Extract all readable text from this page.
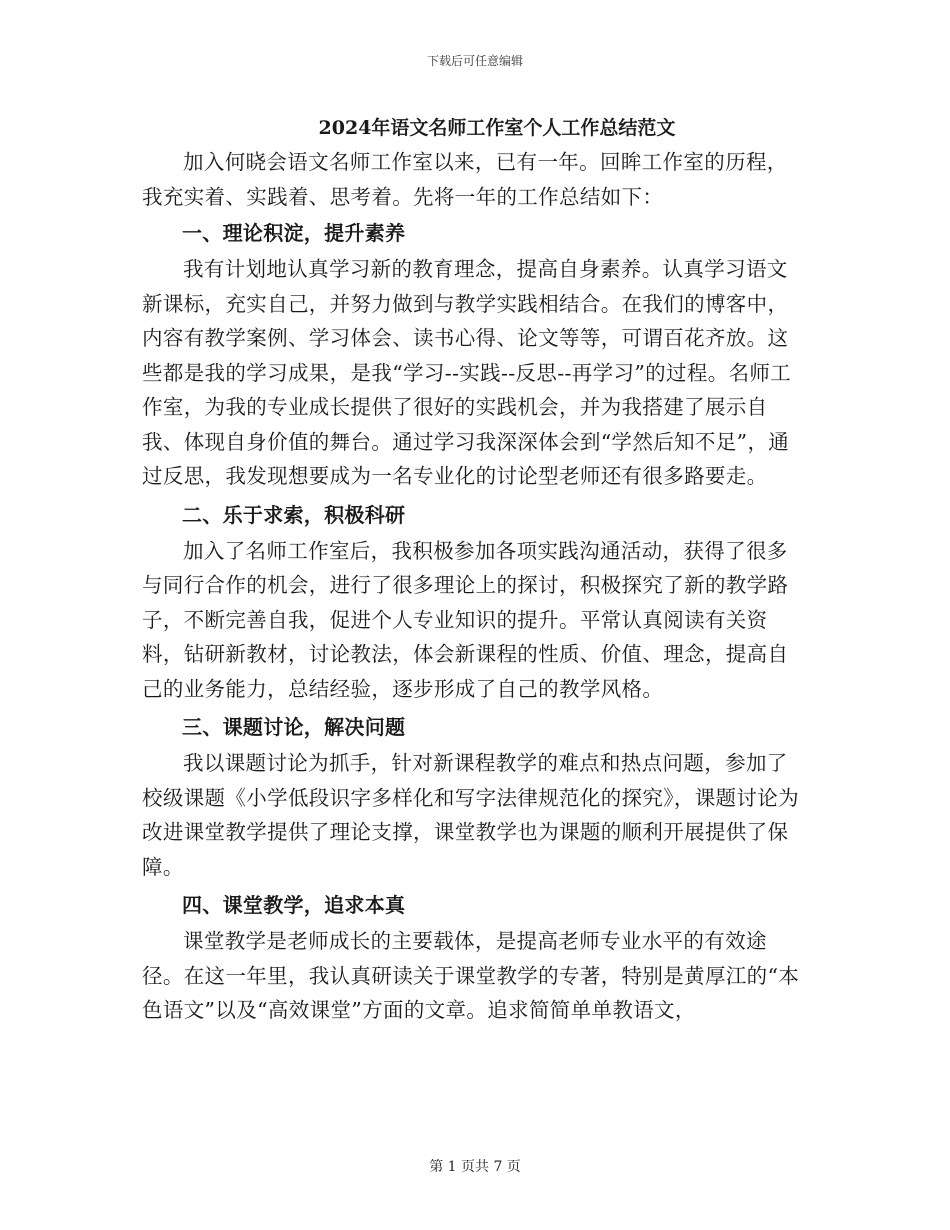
下载后可任意编辑
2024年语文名师工作室个人工作总结范文

加入何晓会语文名师工作室以来，已有一年。回眸工作室的历程，我充实着、实践着、思考着。先将一年的工作总结如下：

一、理论积淀，提升素养

我有计划地认真学习新的教育理念，提高自身素养。认真学习语文新课标，充实自己，并努力做到与教学实践相结合。在我们的博客中，内容有教学案例、学习体会、读书心得、论文等等，可谓百花齐放。这些都是我的学习成果，是我“学习--实践--反思--再学习”的过程。名师工作室，为我的专业成长提供了很好的实践机会，并为我搭建了展示自我、体现自身价值的舞台。通过学习我深深体会到“学然后知不足”，通过反思，我发现想要成为一名专业化的讨论型老师还有很多路要走。

二、乐于求索，积极科研

加入了名师工作室后，我积极参加各项实践沟通活动，获得了很多与同行合作的机会，进行了很多理论上的探讨，积极探究了新的教学路子，不断完善自我，促进个人专业知识的提升。平常认真阅读有关资料，钻研新教材，讨论教法，体会新课程的性质、价值、理念，提高自己的业务能力，总结经验，逐步形成了自己的教学风格。

三、课题讨论，解决问题

我以课题讨论为抓手，针对新课程教学的难点和热点问题，参加了校级课题《小学低段识字多样化和写字法律规范化的探究》，课题讨论为改进课堂教学提供了理论支撑，课堂教学也为课题的顺利开展提供了保障。

四、课堂教学，追求本真

课堂教学是老师成长的主要载体，是提高老师专业水平的有效途径。在这一年里，我认真研读关于课堂教学的专著，特别是黄厚江的“本色语文”以及“高效课堂”方面的文章。追求简简单单教语文，

第 1 页共 7 页
